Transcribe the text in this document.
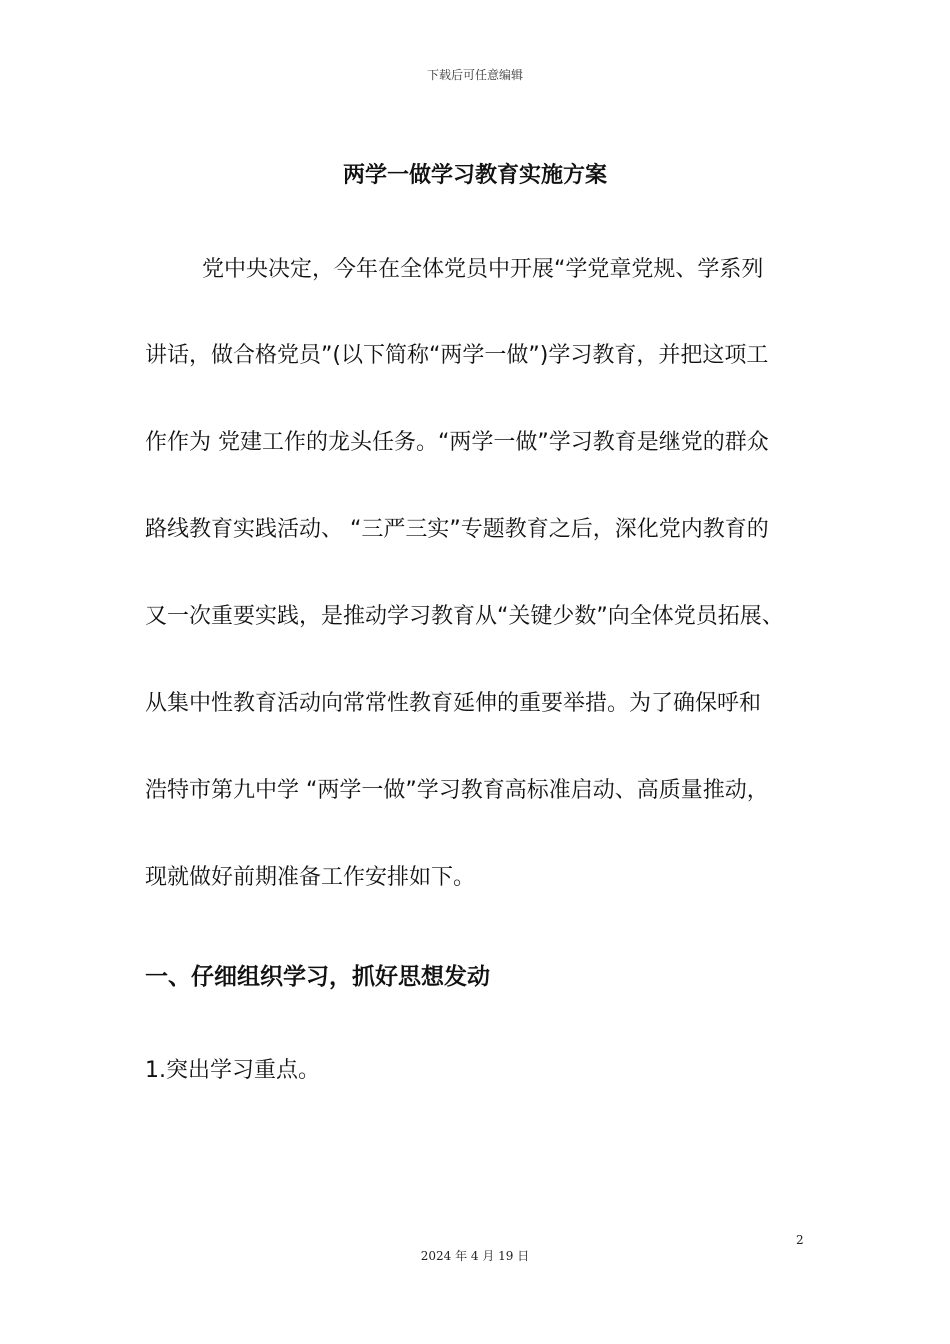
下载后可任意编辑
两学一做学习教育实施方案
党中央决定，今年在全体党员中开展“学党章党规、学系列
讲话，做合格党员”(以下简称“两学一做”)学习教育，并把这项工
作作为 党建工作的龙头任务。“两学一做”学习教育是继党的群众
路线教育实践活动、 “三严三实”专题教育之后，深化党内教育的
又一次重要实践，是推动学习教育从“关键少数”向全体党员拓展、
从集中性教育活动向常常性教育延伸的重要举措。为了确保呼和
浩特市第九中学 “两学一做”学习教育高标准启动、高质量推动，
现就做好前期准备工作安排如下。
一、仔细组织学习，抓好思想发动
1.突出学习重点。
2
2024 年 4 月 19 日
